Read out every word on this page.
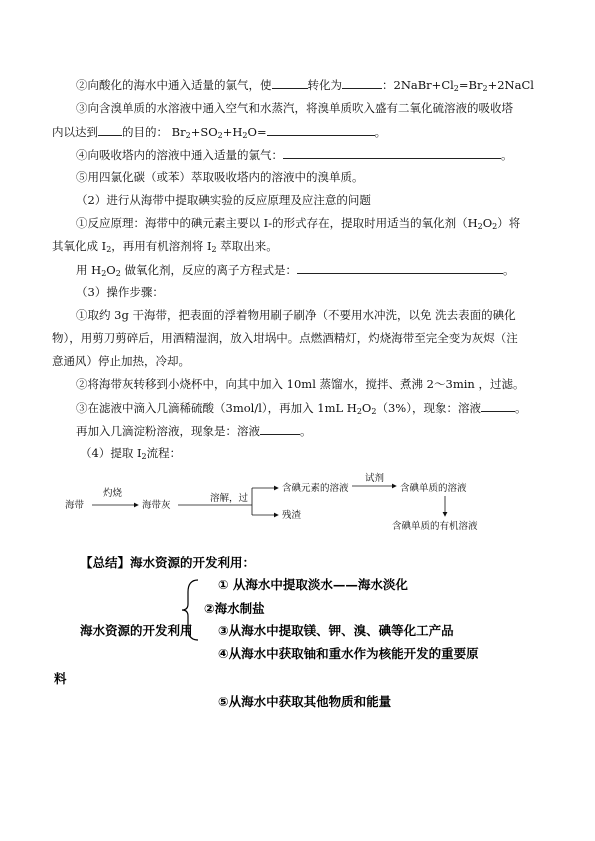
②向酸化的海水中通入适量的氯气，使	转化为	：$2NaBr+Cl_2=Br_2+2NaCl$
③向含溴单质的水溶液中通入空气和水蒸汽，将溴单质吹入盛有二氧化硫溶液的吸收塔
内以达到 的目的： $Br_2+SO_2+H_2O=$	。
④向吸收塔内的溶液中通入适量的氯气：	。
⑤用四氯化碳（或苯）萃取吸收塔内的溶液中的溴单质。
（2）进行从海带中提取碘实验的反应原理及应注意的问题
①反应原理：海带中的碘元素主要以 I-的形式存在，提取时用适当的氧化剂$(H_2O_2)$将
其氧化成 $I_2$，再用有机溶剂将 $I_2$ 萃取出来。
用 $H_2O_2$ 做氧化剂，反应的离子方程式是：	。
（3）操作步骤：
①取约 3g 干海带，把表面的浮着物用刷子刷净（不要用水冲洗，以免 洗去表面的碘化
物），用剪刀剪碎后，用酒精湿润，放入坩埚中。点燃酒精灯，灼烧海带至完全变为灰烬（注
意通风）停止加热，冷却。
②将海带灰转移到小烧杯中，向其中加入 10ml 蒸馏水，搅拌、煮沸 2～3min ，过滤。
③在滤液中滴入几滴稀硫酸（3mol/l），再加入 1mL $H_2O_2(3\%)$，现象：溶液	。
再加入几滴淀粉溶液，现象是：溶液	。
（4）提取 $I_2$流程：
海带
灼烧
海带灰
溶解，过
含碘元素的溶液
残渣
试剂
含碘单质的溶液
含碘单质的有机溶液
【总结】海水资源的开发利用：
① 从海水中提取淡水——海水淡化
②海水制盐
海水资源的开发利用 ③从海水中提取镁、钾、溴、碘等化工产品
④从海水中获取铀和重水作为核能开发的重要原
料
⑤从海水中获取其他物质和能量
